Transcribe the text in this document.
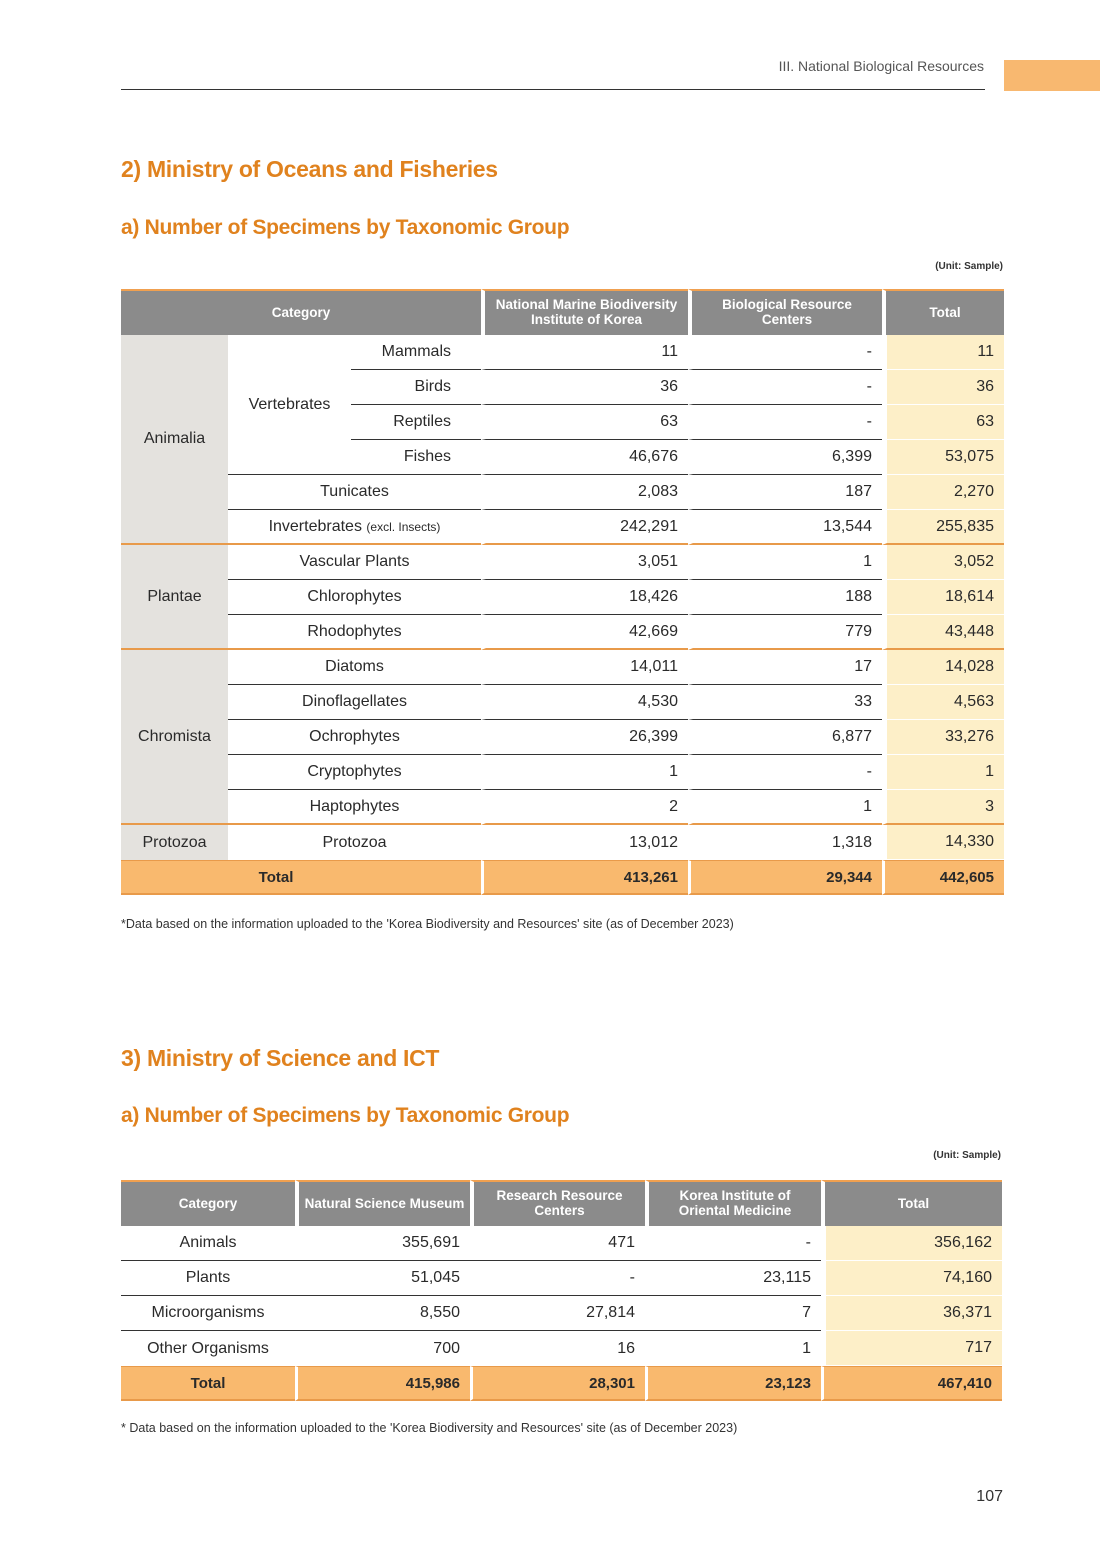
III. National Biological Resources
2) Ministry of Oceans and Fisheries
a) Number of Specimens by Taxonomic Group
(Unit: Sample)
Category			National Marine Biodiversity Institute of Korea	Biological Resource Centers	Total
Animalia	Vertebrates	Mammals	11	-	11
		Birds	36	-	36
		Reptiles	63	-	63
		Fishes	46,676	6,399	53,075
	Tunicates		2,083	187	2,270
	Invertebrates (excl. Insects)		242,291	13,544	255,835
Plantae	Vascular Plants		3,051	1	3,052
	Chlorophytes		18,426	188	18,614
	Rhodophytes		42,669	779	43,448
Chromista	Diatoms		14,011	17	14,028
	Dinoflagellates		4,530	33	4,563
	Ochrophytes		26,399	6,877	33,276
	Cryptophytes		1	-	1
	Haptophytes		2	1	3
Protozoa	Protozoa		13,012	1,318	14,330
Total			413,261	29,344	442,605
*Data based on the information uploaded to the 'Korea Biodiversity and Resources' site (as of December 2023)
3) Ministry of Science and ICT
a) Number of Specimens by Taxonomic Group
(Unit: Sample)
Category	Natural Science Museum	Research Resource Centers	Korea Institute of Oriental Medicine	Total
Animals	355,691	471	-	356,162
Plants	51,045	-	23,115	74,160
Microorganisms	8,550	27,814	7	36,371
Other Organisms	700	16	1	717
Total	415,986	28,301	23,123	467,410
* Data based on the information uploaded to the 'Korea Biodiversity and Resources' site (as of December 2023)
107
